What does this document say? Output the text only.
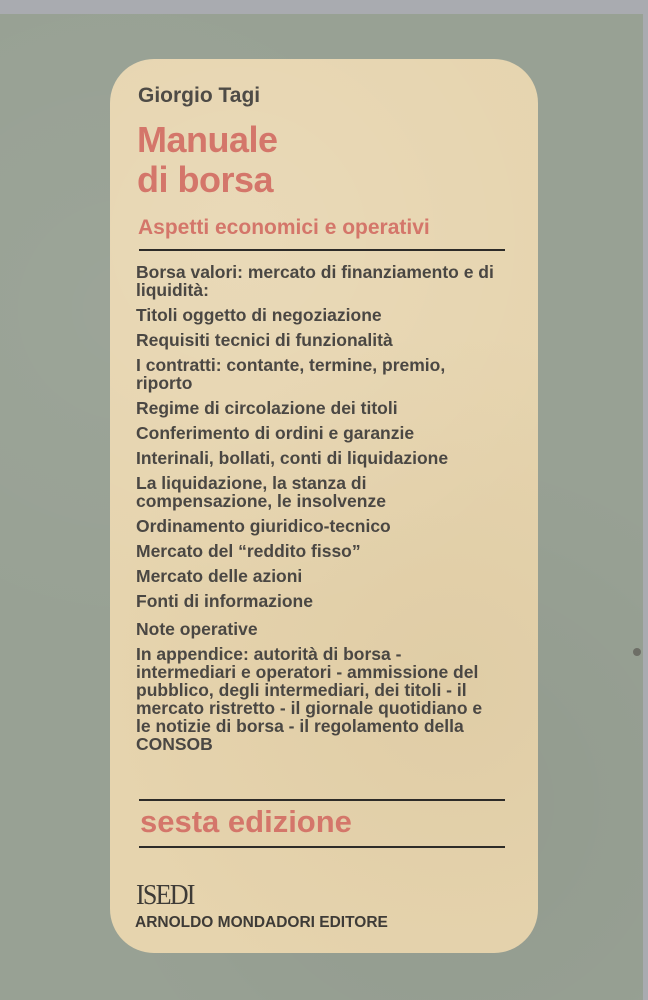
Giorgio Tagi
Manuale
di borsa
Aspetti economici e operativi
Borsa valori: mercato di finanziamento e di liquidità:
Titoli oggetto di negoziazione
Requisiti tecnici di funzionalità
I contratti: contante, termine, premio, riporto
Regime di circolazione dei titoli
Conferimento di ordini e garanzie
Interinali, bollati, conti di liquidazione
La liquidazione, la stanza di compensazione, le insolvenze
Ordinamento giuridico-tecnico
Mercato del “reddito fisso”
Mercato delle azioni
Fonti di informazione
Note operative
In appendice: autorità di borsa - intermediari e operatori - ammissione del pubblico, degli intermediari, dei titoli - il mercato ristretto - il giornale quotidiano e le notizie di borsa - il regolamento della CONSOB
sesta edizione
ISEDI
ARNOLDO MONDADORI EDITORE
